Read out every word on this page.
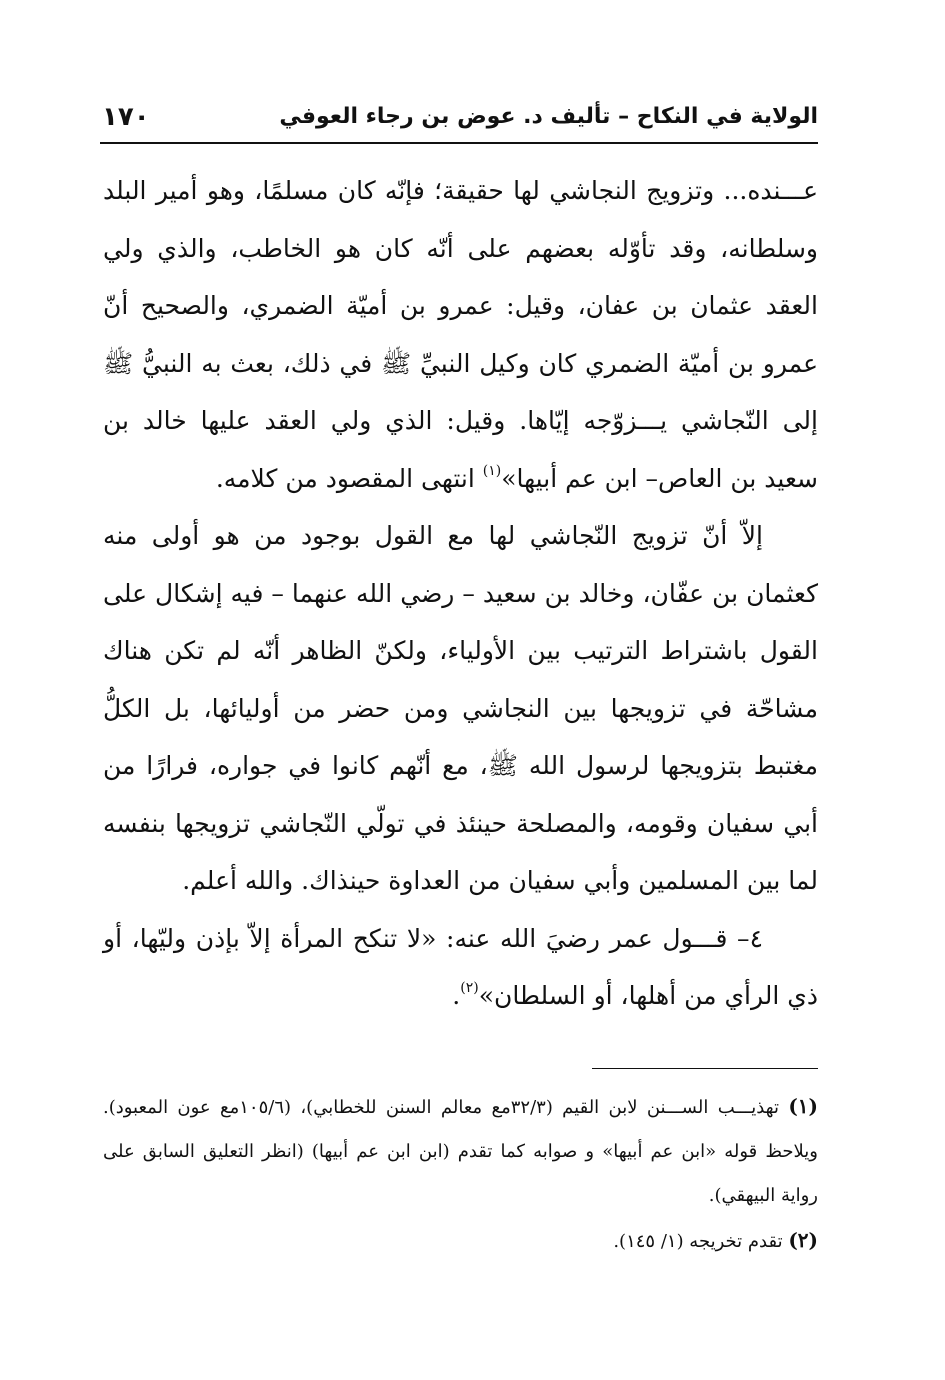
الولاية في النكاح – تأليف د. عوض بن رجاء العوفي
١٧٠

عـــنده... وتزويج النجاشي لها حقيقة؛ فإنّه كان مسلمًا، وهو أمير البلد وسلطانه، وقد تأوّله بعضهم على أنّه كان هو الخاطب، والذي ولي العقد عثمان بن عفان، وقيل: عمرو بن أميّة الضمري، والصحيح أنّ عمرو بن أميّة الضمري كان وكيل النبيِّ ﷺ في ذلك، بعث به النبيُّ ﷺ إلى النّجاشي يـــزوّجه إيّاها. وقيل: الذي ولي العقد عليها خالد بن سعيد بن العاص– ابن عم أبيها»$^{(١)}$ انتهى المقصود من كلامه.

إلاّ أنّ تزويج النّجاشي لها مع القول بوجود من هو أولى منه كعثمان بن عفّان، وخالد بن سعيد – رضي الله عنهما – فيه إشكال على القول باشتراط الترتيب بين الأولياء، ولكنّ الظاهر أنّه لم تكن هناك مشاحّة في تزويجها بين النجاشي ومن حضر من أوليائها، بل الكلُّ مغتبط بتزويجها لرسول الله ﷺ، مع أنّهم كانوا في جواره، فرارًا من أبي سفيان وقومه، والمصلحة حينئذ في تولّي النّجاشي تزويجها بنفسه لما بين المسلمين وأبي سفيان من العداوة حينذاك. والله أعلم.

٤– قـــول عمر رضيَ الله عنه: «لا تنكح المرأة إلاّ بإذن وليّها، أو ذي الرأي من أهلها، أو السلطان»$^{(٢)}$.

(١) تهذيـــب الســـنن لابن القيم (٣٢/٣مع معالم السنن للخطابي)، (١٠٥/٦مع عون المعبود). ويلاحظ قوله «ابن عم أبيها» و صوابه كما تقدم (ابن ابن عم أبيها) (انظر التعليق السابق على رواية البيهقي).

(٢) تقدم تخريجه (١/ ١٤٥).
